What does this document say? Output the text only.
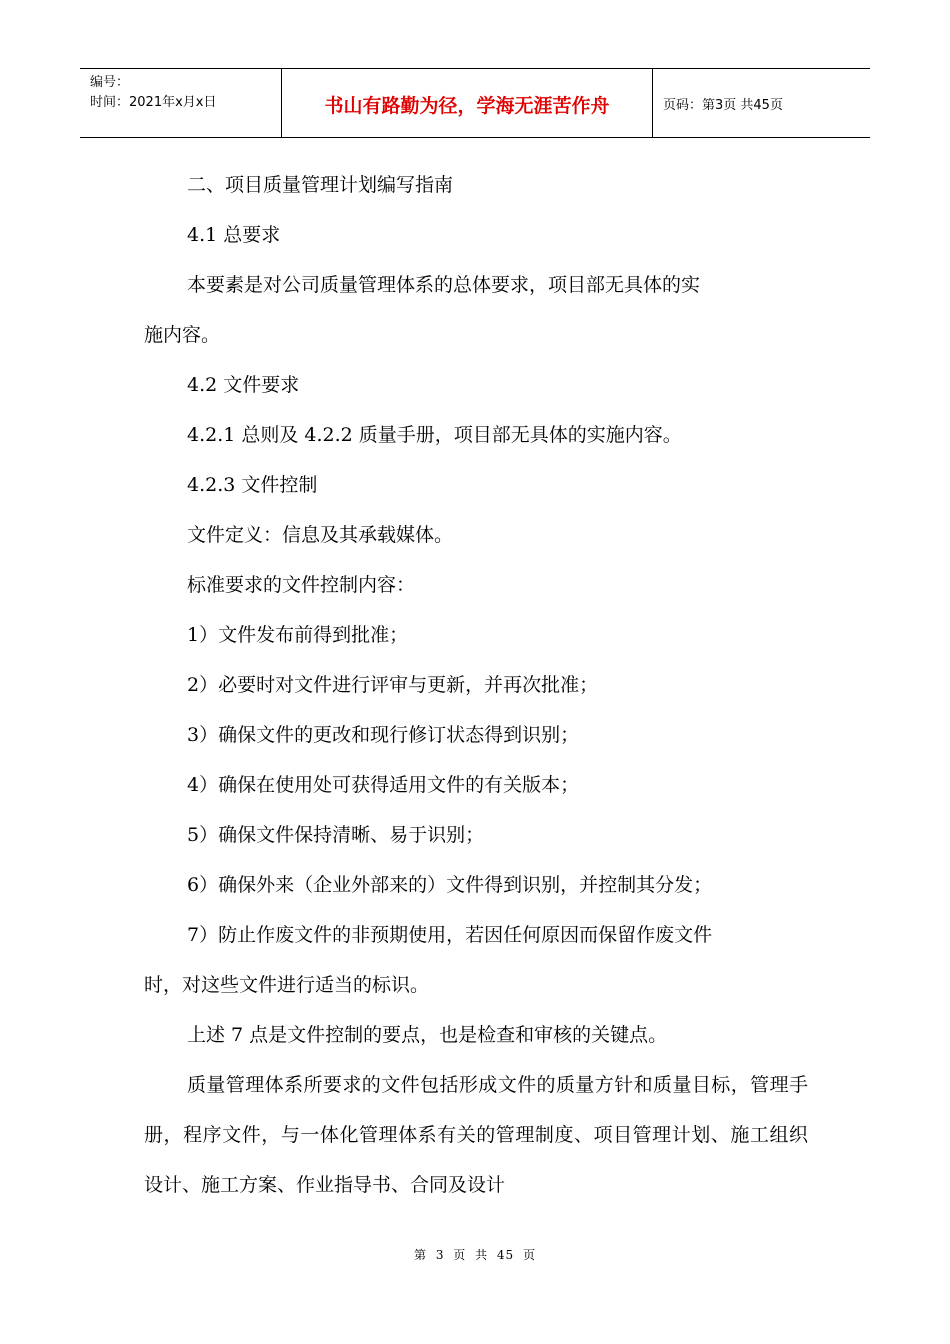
编号：
时间：2021年x月x日	书山有路勤为径，学海无涯苦作舟	页码：第3页 共45页

二、项目质量管理计划编写指南

4.1 总要求

本要素是对公司质量管理体系的总体要求，项目部无具体的实

施内容。

4.2 文件要求

4.2.1 总则及 4.2.2 质量手册，项目部无具体的实施内容。

4.2.3 文件控制

文件定义：信息及其承载媒体。

标准要求的文件控制内容：

1）文件发布前得到批准；

2）必要时对文件进行评审与更新，并再次批准；

3）确保文件的更改和现行修订状态得到识别；

4）确保在使用处可获得适用文件的有关版本；

5）确保文件保持清晰、易于识别；

6）确保外来（企业外部来的）文件得到识别，并控制其分发；

7）防止作废文件的非预期使用，若因任何原因而保留作废文件

时，对这些文件进行适当的标识。

上述 7 点是文件控制的要点，也是检查和审核的关键点。

质量管理体系所要求的文件包括形成文件的质量方针和质量目标，管理手册，程序文件，与一体化管理体系有关的管理制度、项目管理计划、施工组织设计、施工方案、作业指导书、合同及设计

第 3 页 共 45 页
